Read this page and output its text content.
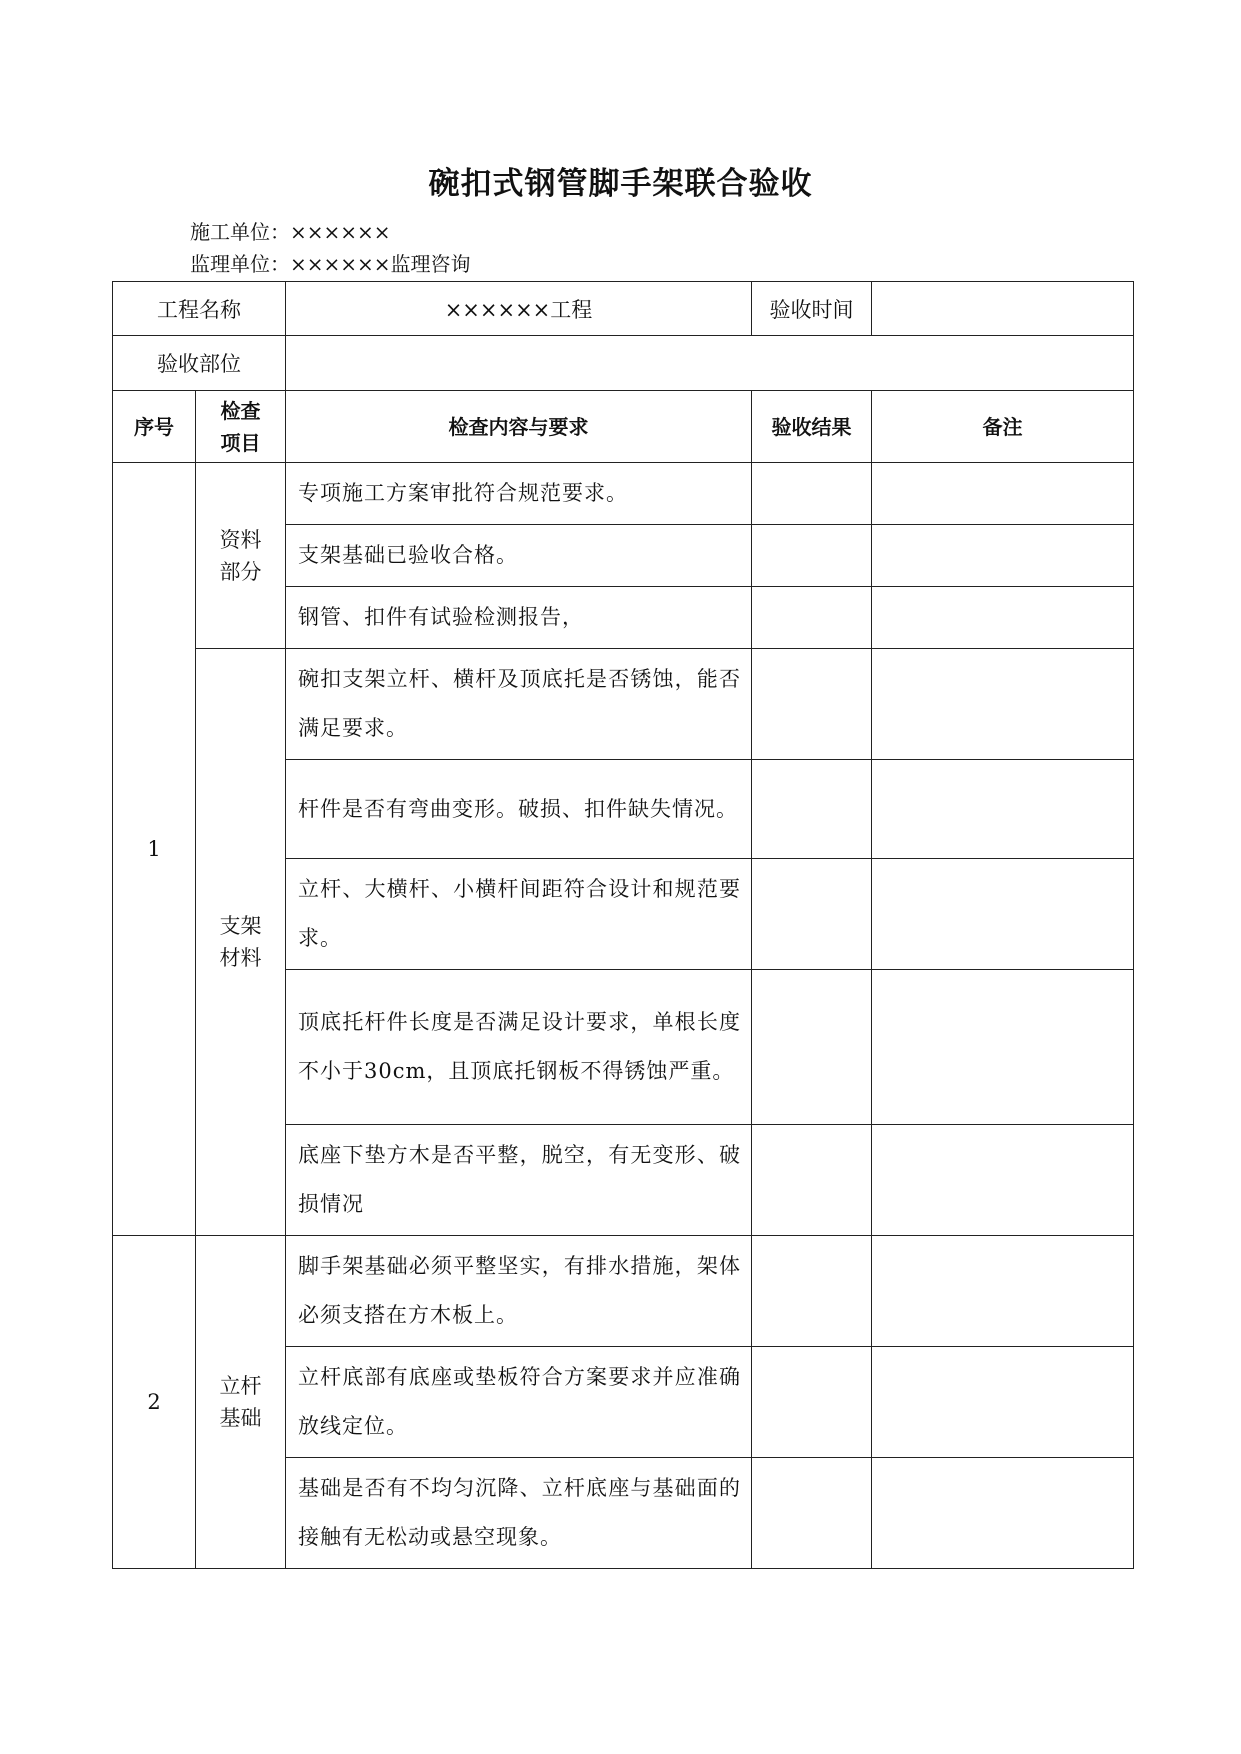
碗扣式钢管脚手架联合验收
施工单位：××××××
监理单位：××××××监理咨询
工程名称		××××××工程	验收时间	
验收部位				
序号	检查项目	检查内容与要求	验收结果	备注
1	资料部分	专项施工方案审批符合规范要求。		
		支架基础已验收合格。		
		钢管、扣件有试验检测报告，		
	支架材料	碗扣支架立杆、横杆及顶底托是否锈蚀，能否满足要求。		
		杆件是否有弯曲变形。破损、扣件缺失情况。		
		立杆、大横杆、小横杆间距符合设计和规范要求。		
		顶底托杆件长度是否满足设计要求，单根长度不小于30cm，且顶底托钢板不得锈蚀严重。		
		底座下垫方木是否平整，脱空，有无变形、破损情况		
2	立杆基础	脚手架基础必须平整坚实，有排水措施，架体必须支搭在方木板上。		
		立杆底部有底座或垫板符合方案要求并应准确放线定位。		
		基础是否有不均匀沉降、立杆底座与基础面的接触有无松动或悬空现象。		
